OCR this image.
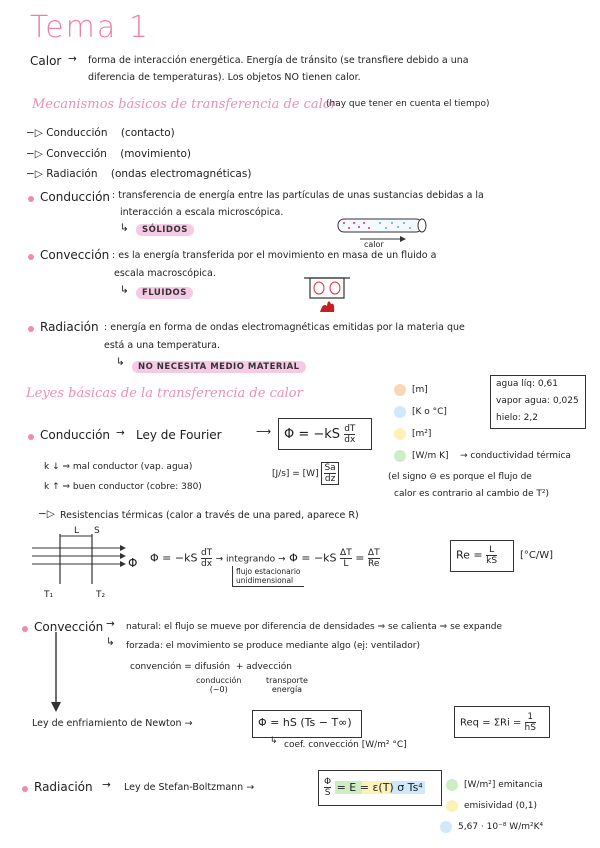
Tema 1
Calor → forma de interacción energética. Energía de tránsito (se transfiere debido a una
diferencia de temperaturas). Los objetos NO tienen calor.
Mecanismos básicos de transferencia de calor
(hay que tener en cuenta el tiempo)
−▷ Conducción (contacto)
−▷ Convección (movimiento)
−▷ Radiación (ondas electromagnéticas)
Conducción : transferencia de energía entre las partículas de unas sustancias debidas a la
interacción a escala microscópica.
↳	SÓLIDOS
calor
Convección : es la energía transferida por el movimiento en masa de un fluido a
escala macroscópica.
↳	FLUIDOS
Radiación : energía en forma de ondas electromagnéticas emitidas por la materia que
está a una temperatura.
↳	NO NECESITA MEDIO MATERIAL
Leyes básicas de la transferencia de calor
agua líq: 0,61
vapor agua: 0,025
hielo: 2,2
Conducción → Ley de Fourier	$\Phi = -kS \frac{dT}{dx}$
⟶
$[J/s] = [W] \frac{Sa}{dz}$
[m]
[K o °C]
[m²]
[W/m K] → conductividad térmica
k ↓ ⇒ mal conductor (vap. agua)
k ↑ ⇒ buen conductor (cobre: 380)
(el signo ⊖ es porque el flujo de
calor es contrario al cambio de T²)
−▷ Resistencias térmicas (calor a través de una pared, aparece R)
L S
Φ
T₁	T₂
$\Phi = -kS \frac{dT}{dx}$ → integrando → $\Phi = -kS \frac{\Delta T}{L} = \frac{\Delta T}{Re}$
flujo estacionario
unidimensional
$Re = \frac{L}{kS} [^\circ C/W]$
Convección → natural: el flujo se mueve por diferencia de densidades ⇒ se calienta ⇒ se expande
↳ forzada: el movimiento se produce mediante algo (ej: ventilador)
convención = difusión  + advección
conducción
(~0)
transporte
energía
Ley de enfriamiento de Newton →	Φ = hS (Ts − T∞)
↳ coef. convección [W/m² °C]
Req = $\Sigma Ri = \frac{1}{hS}$
Radiación → Ley de Stefan-Boltzmann →	$\frac{\Phi}{S} = E = \varepsilon(T)$ σ Ts⁴	[W/m²] emitancia
emisividad (0,1)
5,67 · 10⁻⁸ W/m²K⁴
